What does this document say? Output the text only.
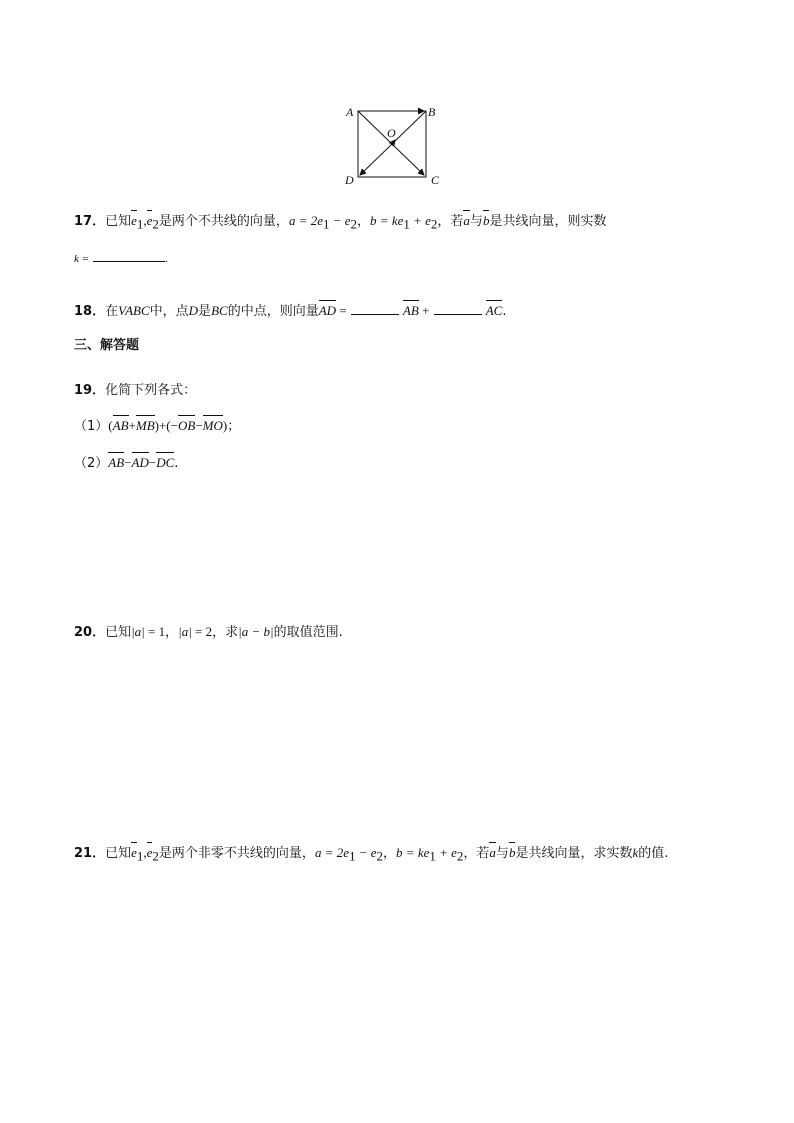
A	B
C
D
O
17．已知$e_1,e_2$是两个不共线的向量，$a = 2e_1 - e_2$，$b = ke_1 + e_2$，若a与b是共线向量，则实数
k =	.
18．在VABC中，点D是BC的中点，则向量AD =	AB +	AC.
三、解答题
19．化简下列各式：
（1）(AB+MB)+(−OB−MO)；
（2）AB−AD−DC.
20．已知|a| = 1，|a| = 2，求|a − b|的取值范围.
21．已知$e_1,e_2$是两个非零不共线的向量，$a = 2e_1 - e_2$，$b = ke_1 + e_2$，若a与b是共线向量，求实数k的值.
